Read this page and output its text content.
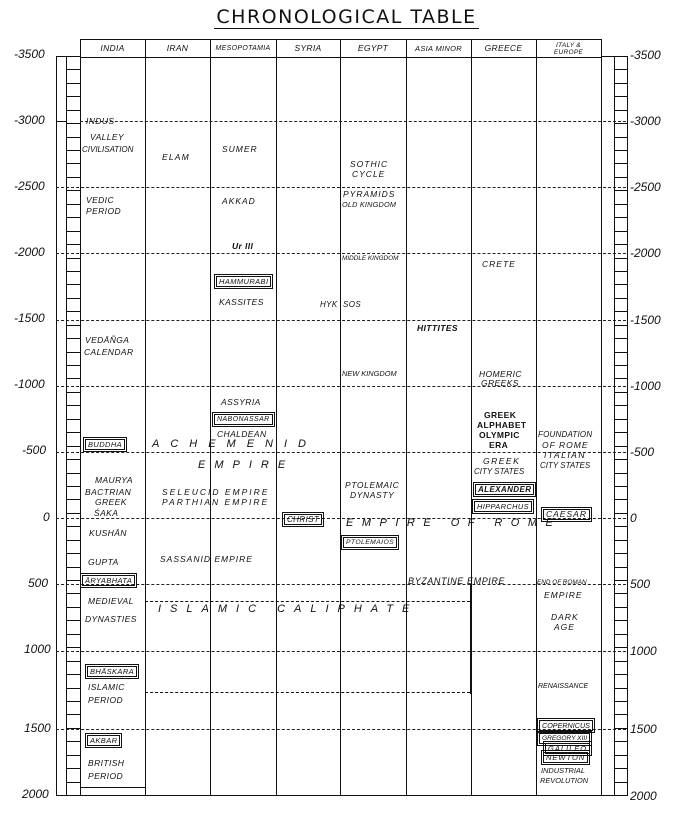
CHRONOLOGICAL TABLE
INDIA	IRAN	MESOPOTAMIA	SYRIA	EGYPT	ASIA MINOR	GREECE	ITALY &
EUROPE
-3500
-3000
-2500
-2000
-1500
-1000
-500
0
500
1000
1500
2000
-3500
-3000
-2500
-2000
-1500
-1000
-500
0
500
1000
1500
2000
INDUS
VALLEY
CIVILISATION
VEDIC
PERIOD
VEDĀÑGA
CALENDAR
BUDDHA
MAURYA
BACTRIAN
GREEK
ŚAKA
KUSHĀN
GUPTA
ĀRYABHATA
MEDIEVAL
DYNASTIES
BHĀSKARA
ISLAMIC
PERIOD
AKBAR
BRITISH
PERIOD
ELAM
SUMER
AKKAD
Ur III
HAMMURABI
KASSITES
ASSYRIA
NABONASSAR
CHALDEAN
HYK
CHRIST
SOTHIC
CYCLE
PYRAMIDS
OLD KINGDOM
MIDDLE KINGDOM
SOS
NEW KINGDOM
PTOLEMAIC
DYNASTY
PTOLEMAIOS
HITTITES
BYZANTINE EMPIRE
CRETE
HOMERIC
GREEKS
GREEK
ALPHABET
OLYMPIC
ERA
GREEK
CITY STATES
ALEXANDER
HIPPARCHUS
FOUNDATION
OF ROME
ITALIAN
CITY STATES
CAESAR
END OF ROMAN
EMPIRE
DARK
AGE
RENAISSANCE
COPERNICUS
GREGORY XIII
GALILEO
NEWTON
INDUSTRIAL
REVOLUTION
ACHEMENID
EMPIRE
SELEUCID EMPIRE
PARTHIAN EMPIRE
SASSANID EMPIRE
EMPIRE OF ROME
ISLAMIC CALIPHATE
